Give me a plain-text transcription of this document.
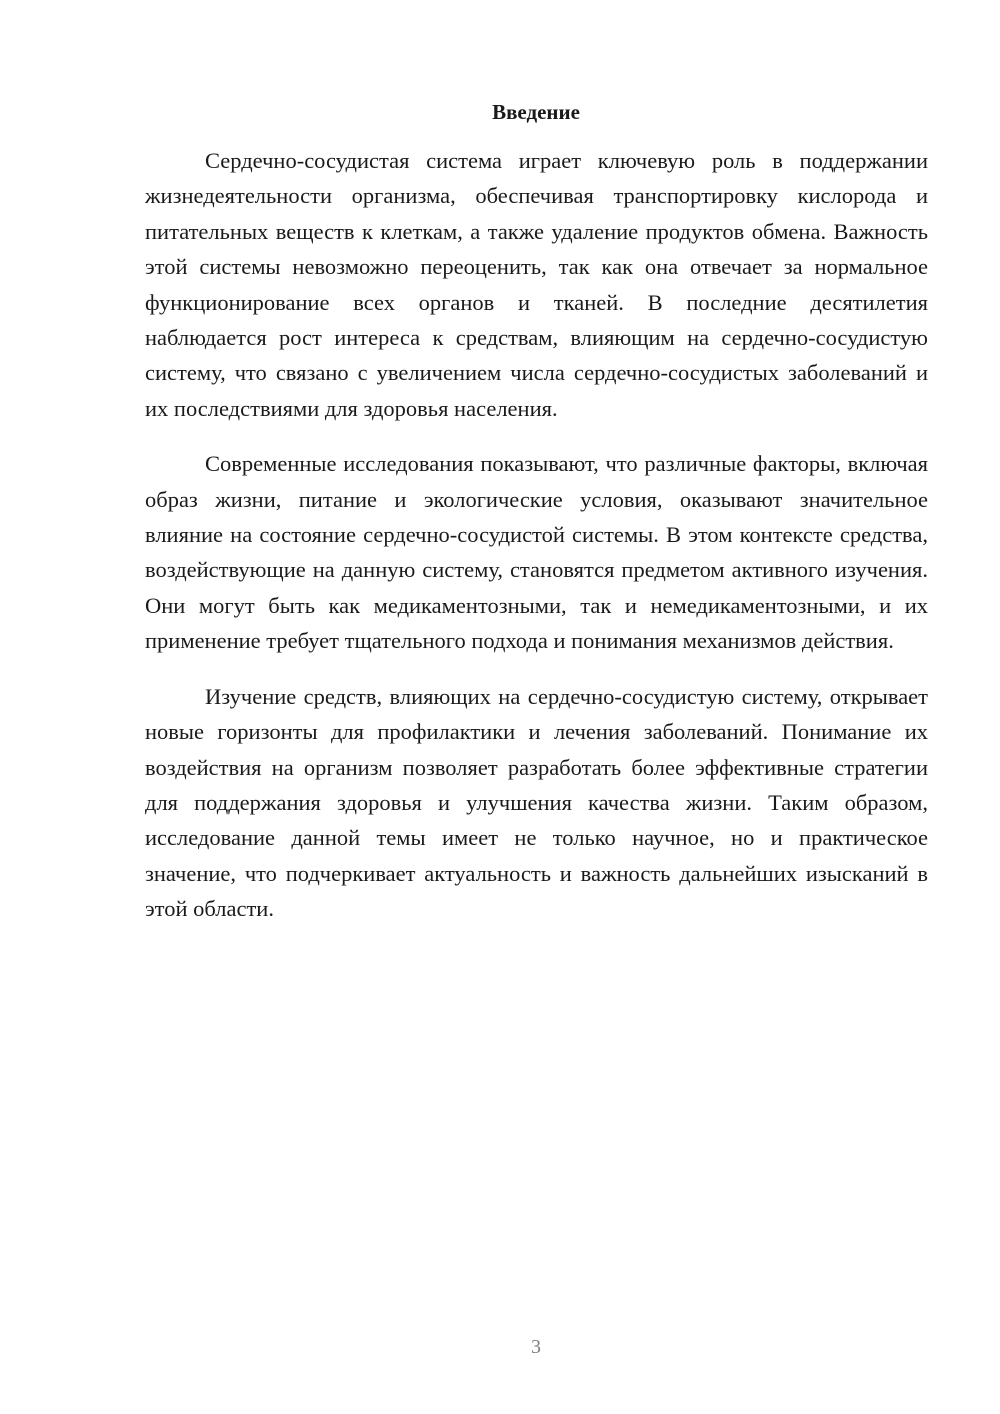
Введение

Сердечно-сосудистая система играет ключевую роль в поддержании жизнедеятельности организма, обеспечивая транспортировку кислорода и питательных веществ к клеткам, а также удаление продуктов обмена. Важность этой системы невозможно переоценить, так как она отвечает за нормальное функционирование всех органов и тканей. В последние десятилетия наблюдается рост интереса к средствам, влияющим на сердечно-сосудистую систему, что связано с увеличением числа сердечно-сосудистых заболеваний и их последствиями для здоровья населения.

Современные исследования показывают, что различные факторы, включая образ жизни, питание и экологические условия, оказывают значительное влияние на состояние сердечно-сосудистой системы. В этом контексте средства, воздействующие на данную систему, становятся предметом активного изучения. Они могут быть как медикаментозными, так и немедикаментозными, и их применение требует тщательного подхода и понимания механизмов действия.

Изучение средств, влияющих на сердечно-сосудистую систему, открывает новые горизонты для профилактики и лечения заболеваний. Понимание их воздействия на организм позволяет разработать более эффективные стратегии для поддержания здоровья и улучшения качества жизни. Таким образом, исследование данной темы имеет не только научное, но и практическое значение, что подчеркивает актуальность и важность дальнейших изысканий в этой области.

3
